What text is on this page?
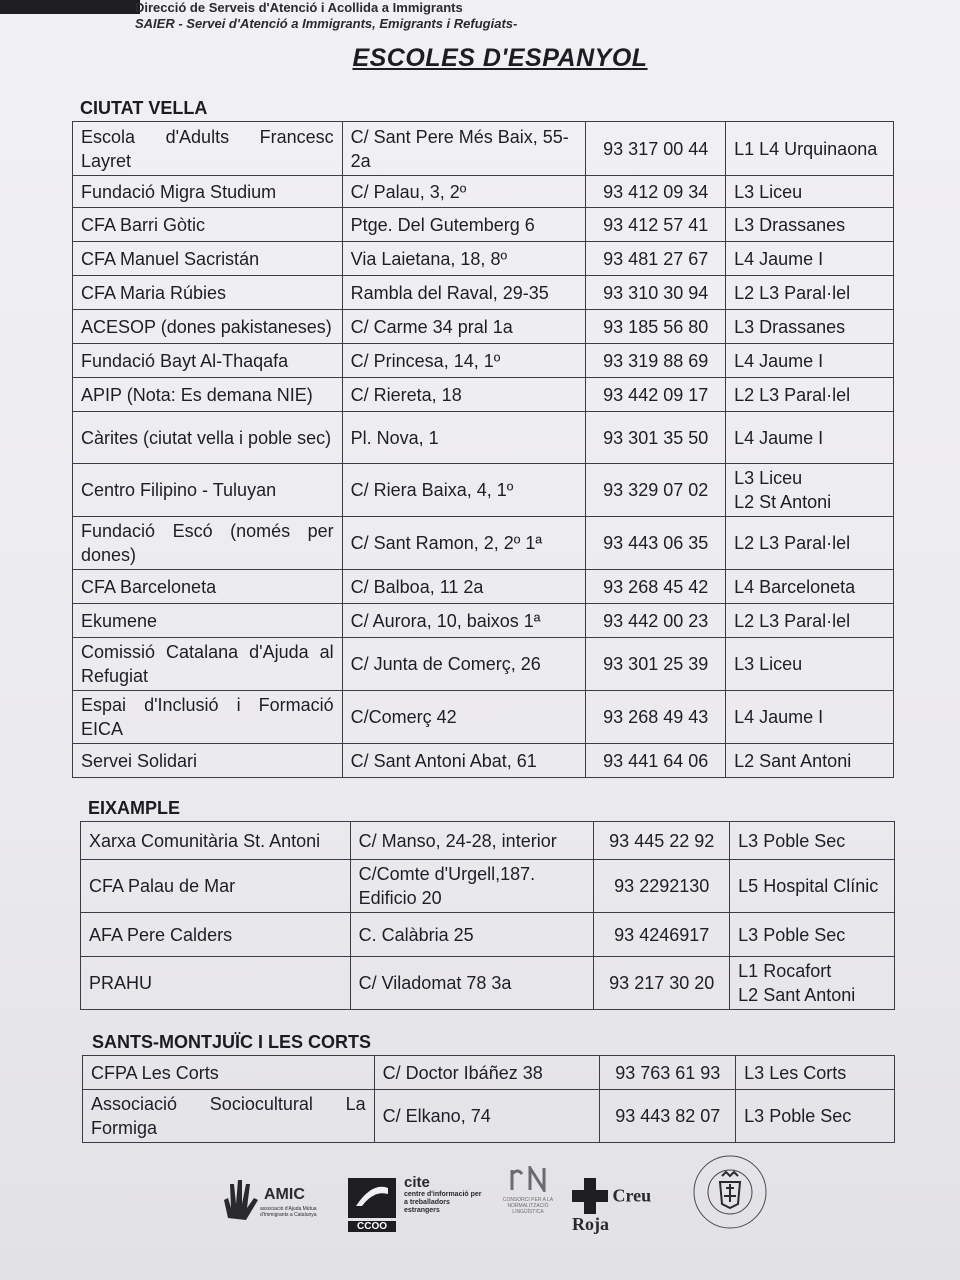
Direcció de Serveis d'Atenció i Acollida a Immigrants
SAIER - Servei d'Atenció a Immigrants, Emigrants i Refugiats-
ESCOLES D'ESPANYOL
CIUTAT VELLA
Escola d'Adults Francesc Layret	C/ Sant Pere Més Baix, 55-2a	93 317 00 44	L1 L4 Urquinaona

Fundació Migra Studium	C/ Palau, 3, 2º	93 412 09 34	L3 Liceu

CFA Barri Gòtic	Ptge. Del Gutemberg 6	93 412 57 41	L3 Drassanes

CFA Manuel Sacristán	Via Laietana, 18, 8º	93 481 27 67	L4 Jaume I

CFA Maria Rúbies	Rambla del Raval, 29-35	93 310 30 94	L2 L3 Paral·lel

ACESOP (dones pakistaneses)	C/ Carme 34 pral 1a	93 185 56 80	L3 Drassanes

Fundació Bayt Al-Thaqafa	C/ Princesa, 14, 1º	93 319 88 69	L4 Jaume I

APIP (Nota: Es demana NIE)	C/ Riereta, 18	93 442 09 17	L2 L3 Paral·lel

Càrites (ciutat vella i poble sec)	Pl. Nova, 1	93 301 35 50	L4 Jaume I

Centro Filipino - Tuluyan	C/ Riera Baixa, 4, 1º	93 329 07 02	L3 Liceu
L2 St Antoni

Fundació Escó (només per dones)	C/ Sant Ramon, 2, 2º 1ª	93 443 06 35	L2 L3 Paral·lel

CFA Barceloneta	C/ Balboa, 11 2a	93 268 45 42	L4 Barceloneta

Ekumene	C/ Aurora, 10, baixos 1ª	93 442 00 23	L2 L3 Paral·lel

Comissió Catalana d'Ajuda al Refugiat	C/ Junta de Comerç, 26	93 301 25 39	L3 Liceu

Espai d'Inclusió i Formació EICA	C/Comerç 42	93 268 49 43	L4 Jaume I

Servei Solidari	C/ Sant Antoni Abat, 61	93 441 64 06	L2 Sant Antoni
EIXAMPLE
Xarxa Comunitària St. Antoni	C/ Manso, 24-28, interior	93 445 22 92	L3 Poble Sec

CFA Palau de Mar	C/Comte d'Urgell,187. Edificio 20	93 2292130	L5 Hospital Clínic

AFA Pere Calders	C. Calàbria 25	93 4246917	L3 Poble Sec

PRAHU	C/ Viladomat 78 3a	93 217 30 20	L1 Rocafort
L2 Sant Antoni
SANTS-MONTJUÏC I LES CORTS
CFPA Les Corts	C/ Doctor Ibáñez 38	93 763 61 93	L3 Les Corts

Associació Sociocultural La Formiga	C/ Elkano, 74	93 443 82 07	L3 Poble Sec
AMIC
associació d'Ajuda Mútua d'Immigrants a Catalunya
CCOO
cite
centre d'informació per a treballadors estrangers
CONSORCI PER A LA NORMALITZACIÓ LINGÜÍSTICA
Creu Roja
